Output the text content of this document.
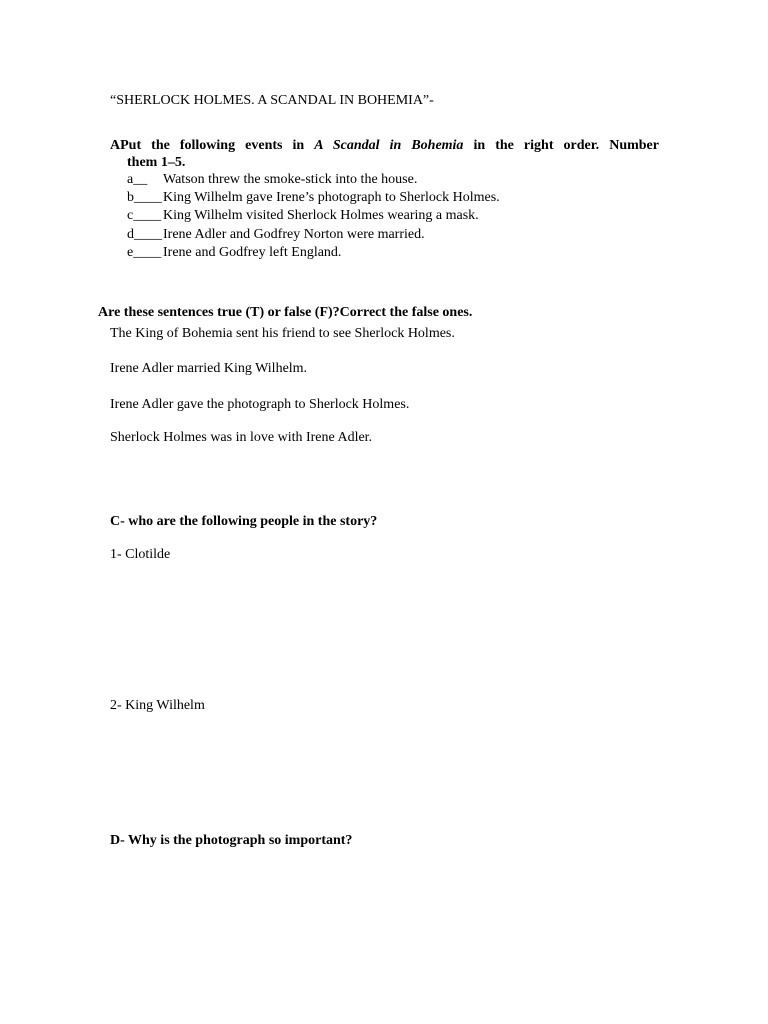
“SHERLOCK HOLMES. A SCANDAL IN BOHEMIA”-
APut the following events in A Scandal in Bohemia in the right order. Number
them 1–5.
a__ Watson threw the smoke-stick into the house.
b____King Wilhelm gave Irene’s photograph to Sherlock Holmes.
c____ King Wilhelm visited Sherlock Holmes wearing a mask.
d____Irene Adler and Godfrey Norton were married.
e____ Irene and Godfrey left England.
Are these sentences true (T) or false (F)?Correct the false ones.
The King of Bohemia sent his friend to see Sherlock Holmes.
Irene Adler married King Wilhelm.
Irene Adler gave the photograph to Sherlock Holmes.
Sherlock Holmes was in love with Irene Adler.
C- who are the following people in the story?
1- Clotilde
2- King Wilhelm
D- Why is the photograph so important?
